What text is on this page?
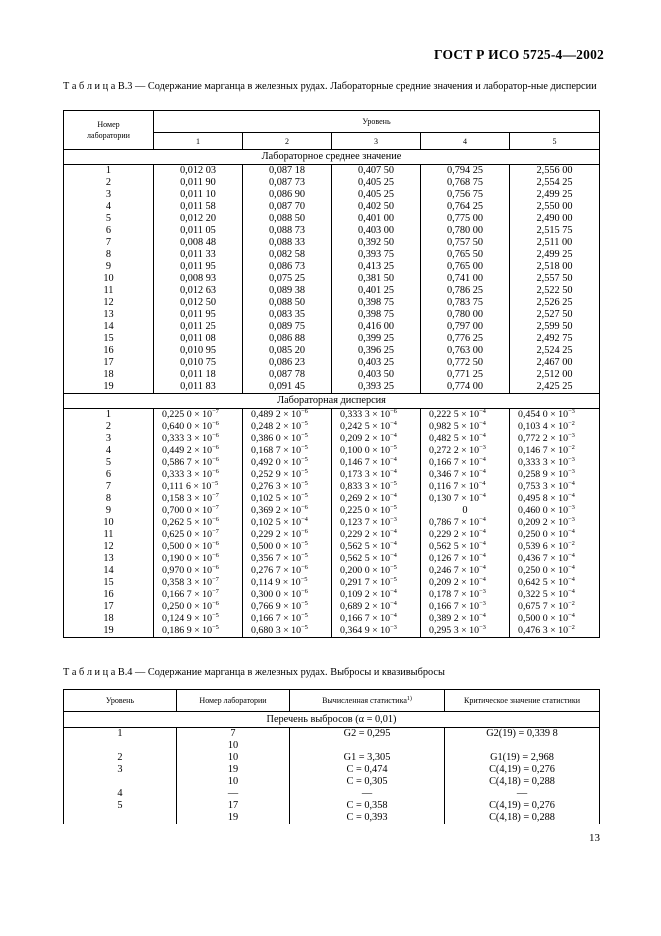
ГОСТ Р ИСО 5725-4—2002
Т а б л и ц а В.3 — Содержание марганца в железных рудах. Лабораторные средние значения и лаборатор-ные дисперсии
Номер лаборатории	Уровень				
	1	2	3	4	5
Лабораторное среднее значение					
1	0,012 03	0,087 18	0,407 50	0,794 25	2,556 00
2	0,011 90	0,087 73	0,405 25	0,768 75	2,554 25
3	0,011 10	0,086 90	0,405 25	0,756 75	2,499 25
4	0,011 58	0,087 70	0,402 50	0,764 25	2,550 00
5	0,012 20	0,088 50	0,401 00	0,775 00	2,490 00
6	0,011 05	0,088 73	0,403 00	0,780 00	2,515 75
7	0,008 48	0,088 33	0,392 50	0,757 50	2,511 00
8	0,011 33	0,082 58	0,393 75	0,765 50	2,499 25
9	0,011 95	0,086 73	0,413 25	0,765 00	2,518 00
10	0,008 93	0,075 25	0,381 50	0,741 00	2,557 50
11	0,012 63	0,089 38	0,401 25	0,786 25	2,522 50
12	0,012 50	0,088 50	0,398 75	0,783 75	2,526 25
13	0,011 95	0,083 35	0,398 75	0,780 00	2,527 50
14	0,011 25	0,089 75	0,416 00	0,797 00	2,599 50
15	0,011 08	0,086 88	0,399 25	0,776 25	2,492 75
16	0,010 95	0,085 20	0,396 25	0,763 00	2,524 25
17	0,010 75	0,086 23	0,403 25	0,772 50	2,467 00
18	0,011 18	0,087 78	0,403 50	0,771 25	2,512 00
19	0,011 83	0,091 45	0,393 25	0,774 00	2,425 25
Лабораторная дисперсия					
1	0,225 $0 \times 10^{-7}$	0,489 $2 \times 10^{-6}$	0,333 $3 \times 10^{-6}$	0,222 $5 \times 10^{-4}$	0,454 $0 \times 10^{-3}$
2	0,640 $0 \times 10^{-6}$	0,248 $2 \times 10^{-5}$	0,242 $5 \times 10^{-4}$	0,982 $5 \times 10^{-4}$	0,103 $4 \times 10^{-2}$
3	0,333 $3 \times 10^{-6}$	0,386 $0 \times 10^{-5}$	0,209 $2 \times 10^{-4}$	0,482 $5 \times 10^{-4}$	0,772 $2 \times 10^{-3}$
4	0,449 $2 \times 10^{-6}$	0,168 $7 \times 10^{-5}$	0,100 $0 \times 10^{-5}$	0,272 $2 \times 10^{-3}$	0,146 $7 \times 10^{-2}$
5	0,586 $7 \times 10^{-6}$	0,492 $0 \times 10^{-5}$	0,146 $7 \times 10^{-4}$	0,166 $7 \times 10^{-4}$	0,333 $3 \times 10^{-3}$
6	0,333 $3 \times 10^{-6}$	0,252 $9 \times 10^{-5}$	0,173 $3 \times 10^{-4}$	0,346 $7 \times 10^{-4}$	0,258 $9 \times 10^{-3}$
7	0,111 $6 \times 10^{-5}$	0,276 $3 \times 10^{-5}$	0,833 $3 \times 10^{-5}$	0,116 $7 \times 10^{-4}$	0,753 $3 \times 10^{-4}$
8	0,158 $3 \times 10^{-7}$	0,102 $5 \times 10^{-5}$	0,269 $2 \times 10^{-4}$	0,130 $7 \times 10^{-4}$	0,495 $8 \times 10^{-4}$
9	0,700 $0 \times 10^{-7}$	0,369 $2 \times 10^{-6}$	0,225 $0 \times 10^{-5}$	0	0,460 $0 \times 10^{-3}$
10	0,262 $5 \times 10^{-6}$	0,102 $5 \times 10^{-4}$	0,123 $7 \times 10^{-3}$	0,786 $7 \times 10^{-4}$	0,209 $2 \times 10^{-3}$
11	0,625 $0 \times 10^{-7}$	0,229 $2 \times 10^{-6}$	0,229 $2 \times 10^{-4}$	0,229 $2 \times 10^{-4}$	0,250 $0 \times 10^{-4}$
12	0,500 $0 \times 10^{-6}$	0,500 $0 \times 10^{-5}$	0,562 $5 \times 10^{-4}$	0,562 $5 \times 10^{-4}$	0,539 $6 \times 10^{-2}$
13	0,190 $0 \times 10^{-6}$	0,356 $7 \times 10^{-5}$	0,562 $5 \times 10^{-4}$	0,126 $7 \times 10^{-4}$	0,436 $7 \times 10^{-4}$
14	0,970 $0 \times 10^{-6}$	0,276 $7 \times 10^{-6}$	0,200 $0 \times 10^{-5}$	0,246 $7 \times 10^{-4}$	0,250 $0 \times 10^{-4}$
15	0,358 $3 \times 10^{-7}$	0,114 $9 \times 10^{-5}$	0,291 $7 \times 10^{-5}$	0,209 $2 \times 10^{-4}$	0,642 $5 \times 10^{-4}$
16	0,166 $7 \times 10^{-7}$	0,300 $0 \times 10^{-6}$	0,109 $2 \times 10^{-4}$	0,178 $7 \times 10^{-3}$	0,322 $5 \times 10^{-4}$
17	0,250 $0 \times 10^{-6}$	0,766 $9 \times 10^{-5}$	0,689 $2 \times 10^{-4}$	0,166 $7 \times 10^{-3}$	0,675 $7 \times 10^{-2}$
18	0,124 $9 \times 10^{-5}$	0,166 $7 \times 10^{-5}$	0,166 $7 \times 10^{-4}$	0,389 $2 \times 10^{-4}$	0,500 $0 \times 10^{-4}$
19	0,186 $9 \times 10^{-5}$	0,680 $3 \times 10^{-5}$	0,364 $9 \times 10^{-3}$	0,295 $3 \times 10^{-3}$	0,476 $3 \times 10^{-2}$
Т а б л и ц а В.4 — Содержание марганца в железных рудах. Выбросы и квазивыбросы
Уровень	Номер лаборатории	Вычисленная статистика$^{1)}$	Критическое значение статистики
Перечень выбросов (α = 0,01)			
1	7	G2 = 0,295	G2(19) = 0,339 8
	10		
2	10	G1 = 3,305	G1(19) = 2,968
3	19	C = 0,474	C(4,19) = 0,276
	10	C = 0,305	C(4,18) = 0,288
4	—	—	—
5	17	C = 0,358	C(4,19) = 0,276
	19	C = 0,393	C(4,18) = 0,288
13
